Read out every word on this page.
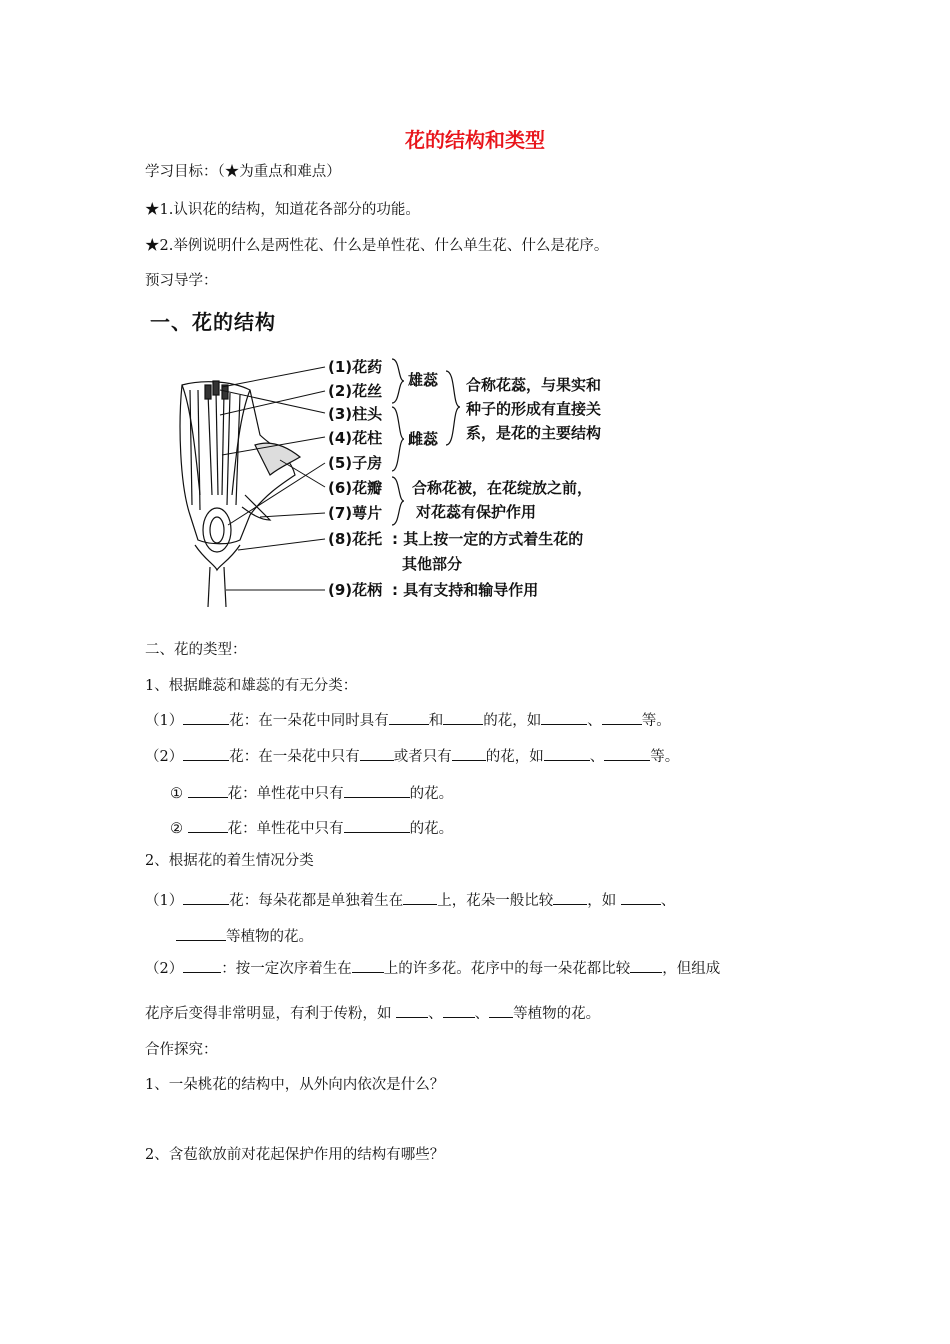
花的结构和类型
学习目标：（★为重点和难点）
★1.认识花的结构，知道花各部分的功能。
★2.举例说明什么是两性花、什么是单性花、什么单生花、什么是花序。
预习导学：
一、花的结构
(1)花药
(2)花丝
(3)柱头
(4)花柱
(5)子房
(6)花瓣
(7)萼片
(8)花托
(9)花柄
雄蕊
雌蕊
合称花蕊，与果实和
种子的形成有直接关
系，是花的主要结构
合称花被，在花绽放之前，
对花蕊有保护作用
: 其上按一定的方式着生花的
其他部分
: 具有支持和输导作用
二、花的类型：
1、根据雌蕊和雄蕊的有无分类：
（1）	花：在一朵花中同时具有	和	的花，如	、	等。
（2）	花：在一朵花中只有 或者只有 的花，如	、	等。
①	花：单性花中只有	的花。
②	花：单性花中只有	的花。
2、根据花的着生情况分类
（1）	花：每朵花都是单独着生在 上，花朵一般比较 ，如	、
等植物的花。
（2）	：按一定次序着生在 上的许多花。花序中的每一朵花都比较 ，但组成
花序后变得非常明显，有利于传粉，如	、 、 等植物的花。
合作探究：
1、一朵桃花的结构中，从外向内依次是什么？
2、含苞欲放前对花起保护作用的结构有哪些？
